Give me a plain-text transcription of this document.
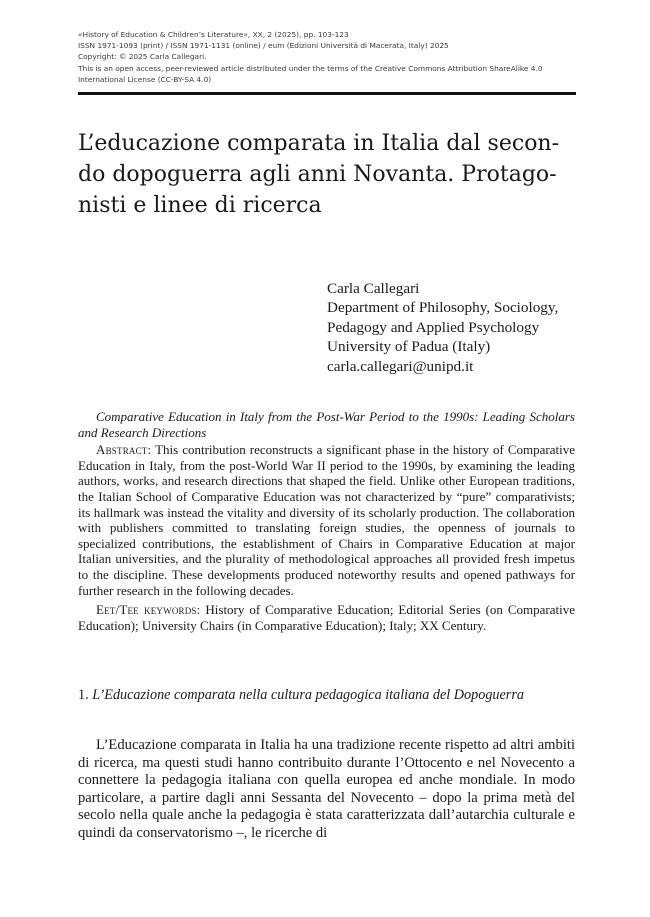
«History of Education & Children’s Literature», XX, 2 (2025), pp. 103-123
ISSN 1971-1093 (print) / ISSN 1971-1131 (online) / eum (Edizioni Università di Macerata, Italy) 2025
Copyright: © 2025 Carla Callegari.
This is an open access, peer-reviewed article distributed under the terms of the Creative Commons Attribution ShareAlike 4.0
International License (CC-BY-SA 4.0)
L’educazione comparata in Italia dal secon-
do dopoguerra agli anni Novanta. Protago-
nisti e linee di ricerca
Carla Callegari
Department of Philosophy, Sociology,
Pedagogy and Applied Psychology
University of Padua (Italy)
carla.callegari@unipd.it

Comparative Education in Italy from the Post-War Period to the 1990s: Leading Scholars and Research Directions

Abstract: This contribution reconstructs a significant phase in the history of Comparative Education in Italy, from the post-World War II period to the 1990s, by examining the leading authors, works, and research directions that shaped the field. Unlike other European traditions, the Italian School of Comparative Education was not characterized by “pure” comparativists; its hallmark was instead the vitality and diversity of its scholarly production. The collaboration with publishers committed to translating foreign studies, the openness of journals to specialized contributions, the establishment of Chairs in Comparative Education at major Italian universities, and the plurality of methodological approaches all provided fresh impetus to the discipline. These developments produced noteworthy results and opened pathways for further research in the following decades.

Eet/Tee keywords: History of Comparative Education; Editorial Series (on Comparative Education); University Chairs (in Comparative Education); Italy; XX Century.

1. L’Educazione comparata nella cultura pedagogica italiana del Dopoguerra

L’Educazione comparata in Italia ha una tradizione recente rispetto ad altri ambiti di ricerca, ma questi studi hanno contribuito durante l’Ottocento e nel Novecento a connettere la pedagogia italiana con quella europea ed anche mondiale. In modo particolare, a partire dagli anni Sessanta del Novecento – dopo la prima metà del secolo nella quale anche la pedagogia è stata caratterizzata dall’autarchia culturale e quindi da conservatorismo –, le ricerche di
